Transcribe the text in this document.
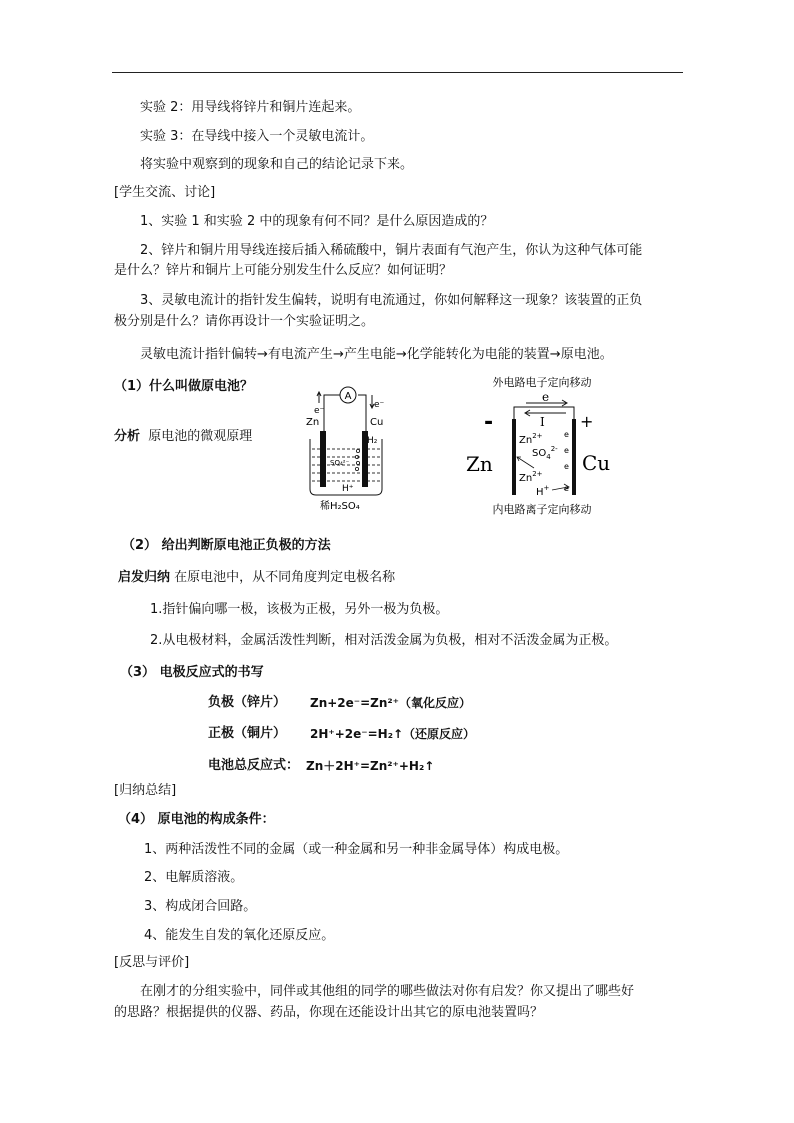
实验 2：用导线将锌片和铜片连起来。
实验 3：在导线中接入一个灵敏电流计。
将实验中观察到的现象和自己的结论记录下来。
[学生交流、讨论]
1、实验 1 和实验 2 中的现象有何不同？是什么原因造成的？
2、锌片和铜片用导线连接后插入稀硫酸中，铜片表面有气泡产生，你认为这种气体可能
是什么？锌片和铜片上可能分别发生什么反应？如何证明？
3、灵敏电流计的指针发生偏转，说明有电流通过，你如何解释这一现象？该装置的正负
极分别是什么？请你再设计一个实验证明之。
灵敏电流计指针偏转→有电流产生→产生电能→化学能转化为电能的装置→原电池。
（1）什么叫做原电池？
分析 原电池的微观原理
A
e⁻
e⁻
Zn	Cu
H₂
H⁺
SO₄²⁻
稀H₂SO₄
外电路电子定向移动
e
I
-	+
Zn	Cu
$Zn^{2+}$
$Zn^{2+}$
$SO_4^{2-}$
H+
e
e
e
e
内电路离子定向移动
（2） 给出判断原电池正负极的方法
启发归纳 在原电池中，从不同角度判定电极名称
1.指针偏向哪一极，该极为正极，另外一极为负极。
2.从电极材料，金属活泼性判断，相对活泼金属为负极，相对不活泼金属为正极。
（3） 电极反应式的书写
负极（锌片） Zn+2e⁻=Zn²⁺（氧化反应）
正极（铜片） 2H⁺+2e⁻=H₂↑（还原反应）
电池总反应式： Zn＋2H⁺=Zn²⁺+H₂↑
[归纳总结]
（4） 原电池的构成条件：
1、两种活泼性不同的金属（或一种金属和另一种非金属导体）构成电极。
2、电解质溶液。
3、构成闭合回路。
4、能发生自发的氧化还原反应。
[反思与评价]
在刚才的分组实验中，同伴或其他组的同学的哪些做法对你有启发？你又提出了哪些好
的思路？根据提供的仪器、药品，你现在还能设计出其它的原电池装置吗？
